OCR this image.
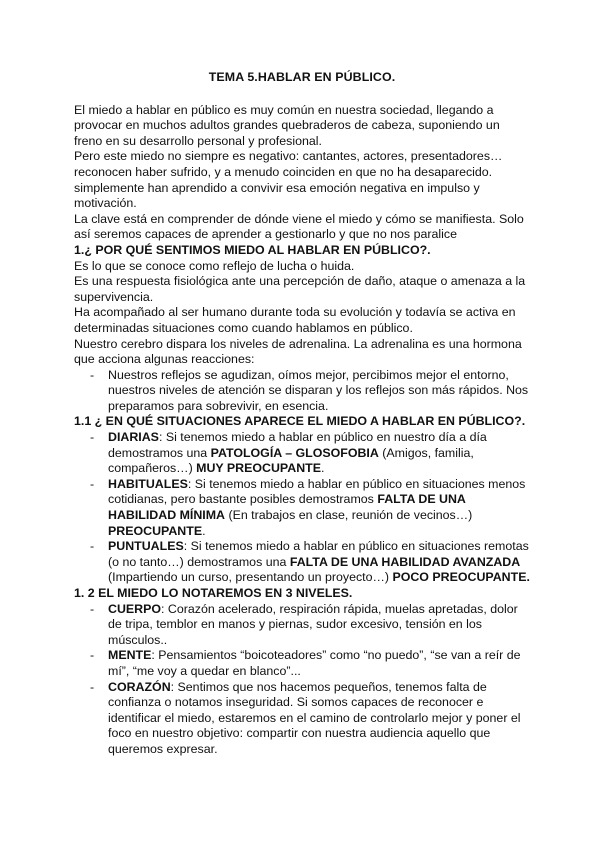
TEMA 5.HABLAR EN PÚBLICO.

El miedo a hablar en público es muy común en nuestra sociedad, llegando a provocar en muchos adultos grandes quebraderos de cabeza, suponiendo un freno en su desarrollo personal y profesional.

Pero este miedo no siempre es negativo: cantantes, actores, presentadores…reconocen haber sufrido, y a menudo coinciden en que no ha desaparecido.

simplemente han aprendido a convivir esa emoción negativa en impulso y motivación.

La clave está en comprender de dónde viene el miedo y cómo se manifiesta. Solo así seremos capaces de aprender a gestionarlo y que no nos paralice

1.¿ POR QUÉ SENTIMOS MIEDO AL HABLAR EN PÚBLICO?.

Es lo que se conoce como reflejo de lucha o huida.

Es una respuesta fisiológica ante una percepción de daño, ataque o amenaza a la supervivencia.

Ha acompañado al ser humano durante toda su evolución y todavía se activa en determinadas situaciones como cuando hablamos en público.

Nuestro cerebro dispara los niveles de adrenalina. La adrenalina es una hormona que acciona algunas reacciones:

- Nuestros reflejos se agudizan, oímos mejor, percibimos mejor el entorno, nuestros niveles de atención se disparan y los reflejos son más rápidos. Nos preparamos para sobrevivir, en esencia.

1.1 ¿ EN QUÉ SITUACIONES APARECE EL MIEDO A HABLAR EN PÚBLICO?.

- DIARIAS: Si tenemos miedo a hablar en público en nuestro día a día demostramos una PATOLOGÍA – GLOSOFOBIA (Amigos, familia, compañeros…) MUY PREOCUPANTE.
- HABITUALES: Si tenemos miedo a hablar en público en situaciones menos cotidianas, pero bastante posibles demostramos FALTA DE UNA HABILIDAD MÍNIMA (En trabajos en clase, reunión de vecinos…) PREOCUPANTE.
- PUNTUALES: Si tenemos miedo a hablar en público en situaciones remotas (o no tanto…) demostramos una FALTA DE UNA HABILIDAD AVANZADA (Impartiendo un curso, presentando un proyecto…) POCO PREOCUPANTE.

1. 2 EL MIEDO LO NOTAREMOS EN 3 NIVELES.

- CUERPO: Corazón acelerado, respiración rápida, muelas apretadas, dolor de tripa, temblor en manos y piernas, sudor excesivo, tensión en los músculos..
- MENTE: Pensamientos “boicoteadores” como “no puedo”, “se van a reír de mí”, “me voy a quedar en blanco”...
- CORAZÓN: Sentimos que nos hacemos pequeños, tenemos falta de confianza o notamos inseguridad. Si somos capaces de reconocer e identificar el miedo, estaremos en el camino de controlarlo mejor y poner el foco en nuestro objetivo: compartir con nuestra audiencia aquello que queremos expresar.
